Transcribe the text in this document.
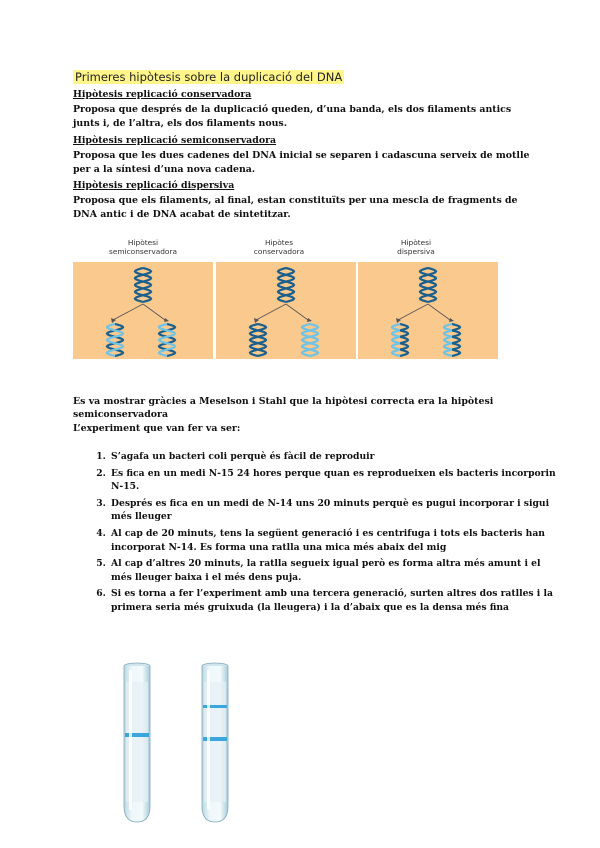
Primeres hipòtesis sobre la duplicació del DNA
Hipòtesis replicació conservadora

Proposa que després de la duplicació queden, d’una banda, els dos filaments antics junts i, de l’altra, els dos filaments nous.

Hipòtesis replicació semiconservadora

Proposa que les dues cadenes del DNA inicial se separen i cadascuna serveix de motlle per a la síntesi d’una nova cadena.

Hipòtesis replicació dispersiva

Proposa que els filaments, al final, estan constituïts per una mescla de fragments de DNA antic i de DNA acabat de sintetitzar.

Hipòtesi
semiconservadora
Hipòtes
conservadora
Hipòtesi
dispersiva
Es va mostrar gràcies a Meselson i Stahl que la hipòtesi correcta era la hipòtesi semiconservadora
L’experiment que van fer va ser:
1. S’agafa un bacteri coli perquè és fàcil de reproduir
2. Es fica en un medi N-15 24 hores perque quan es reprodueixen els bacteris incorporin N-15.
3. Després es fica en un medi de N-14 uns 20 minuts perquè es pugui incorporar i sigui més lleuger
4. Al cap de 20 minuts, tens la següent generació i es centrifuga i tots els bacteris han incorporat N-14. Es forma una ratlla una mica més abaix del mig
5. Al cap d’altres 20 minuts, la ratlla segueix igual però es forma altra més amunt i el més lleuger baixa i el més dens puja.
6. Si es torna a fer l’experiment amb una tercera generació, surten altres dos ratlles i la primera seria més gruixuda (la lleugera) i la d’abaix que es la densa més fina
